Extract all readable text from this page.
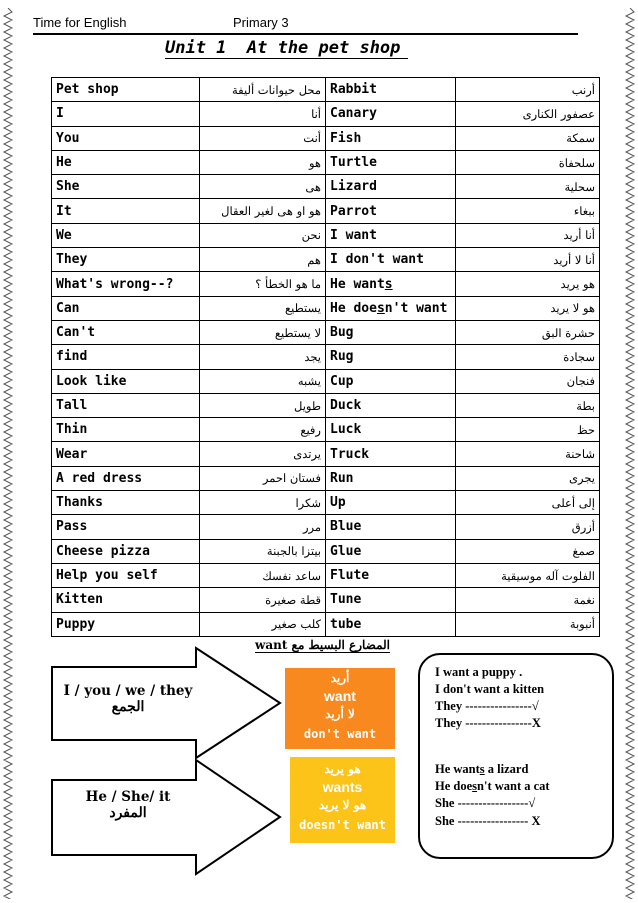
Time for English	Primary 3
Unit 1  At the pet shop
Pet shop	محل حيوانات أليفة	Rabbit	أرنب
I	أنا	Canary	عصفور الكنارى
You	أنت	Fish	سمكة
He	هو	Turtle	سلحفاة
She	هى	Lizard	سحلية
It	هو او هى لغير العقال	Parrot	ببغاء
We	نحن	I want	أنا أريد
They	هم	I don't want	أنا لا أريد
What's wrong--?	ما هو الخطأ ؟	He wants	هو يريد
Can	يستطيع	He doesn't want	هو لا يريد
Can't	لا يستطيع	Bug	حشرة البق
find	يجد	Rug	سجادة
Look like	يشبه	Cup	فنجان
Tall	طويل	Duck	بطة
Thin	رفيع	Luck	حظ
Wear	يرتدى	Truck	شاحنة
A red dress	فستان احمر	Run	يجرى
Thanks	شكرا	Up	إلى أعلى
Pass	مرر	Blue	أزرق
Cheese pizza	بيتزا بالجبنة	Glue	صمغ
Help you self	ساعد نفسك	Flute	الفلوت آله موسيقية
Kitten	قطة صغيرة	Tune	نغمة
Puppy	كلب صغير	tube	أنبوبة
المضارع البسيط مع want
I / you / we / they
الجمع
He / She/ it
المفرد
أريد
want
لا أريد
don't want
هو يريد
wants
هو لا يريد
doesn't want
I want a puppy .
I don't want a kitten
They ----------------√
They ----------------X
He wants a lizard
He doesn't want a cat
She -----------------√
She ----------------- X
